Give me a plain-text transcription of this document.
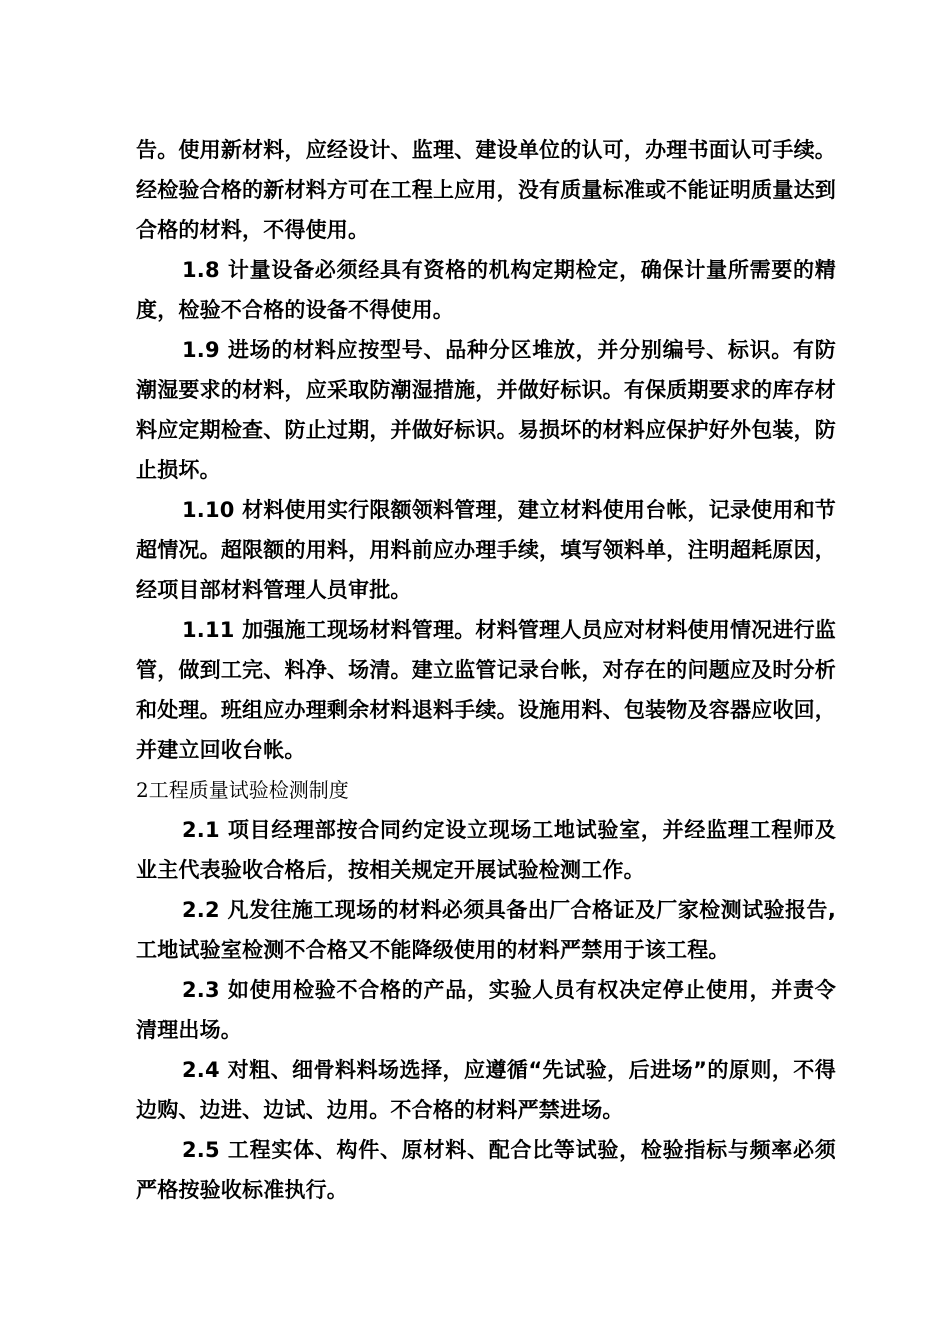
告。使用新材料，应经设计、监理、建设单位的认可，办理书面认可手续。经检验合格的新材料方可在工程上应用，没有质量标准或不能证明质量达到合格的材料，不得使用。

1.8 计量设备必须经具有资格的机构定期检定，确保计量所需要的精度，检验不合格的设备不得使用。

1.9 进场的材料应按型号、品种分区堆放，并分别编号、标识。有防潮湿要求的材料，应采取防潮湿措施，并做好标识。有保质期要求的库存材料应定期检查、防止过期，并做好标识。易损坏的材料应保护好外包装，防止损坏。

1.10 材料使用实行限额领料管理，建立材料使用台帐，记录使用和节超情况。超限额的用料，用料前应办理手续，填写领料单，注明超耗原因，经项目部材料管理人员审批。

1.11 加强施工现场材料管理。材料管理人员应对材料使用情况进行监管，做到工完、料净、场清。建立监管记录台帐，对存在的问题应及时分析和处理。班组应办理剩余材料退料手续。设施用料、包装物及容器应收回，并建立回收台帐。

2工程质量试验检测制度

2.1 项目经理部按合同约定设立现场工地试验室，并经监理工程师及业主代表验收合格后，按相关规定开展试验检测工作。

2.2 凡发往施工现场的材料必须具备出厂合格证及厂家检测试验报告,工地试验室检测不合格又不能降级使用的材料严禁用于该工程。

2.3 如使用检验不合格的产品，实验人员有权决定停止使用，并责令清理出场。

2.4 对粗、细骨料料场选择，应遵循“先试验，后进场”的原则，不得边购、边进、边试、边用。不合格的材料严禁进场。

2.5 工程实体、构件、原材料、配合比等试验，检验指标与频率必须严格按验收标准执行。
